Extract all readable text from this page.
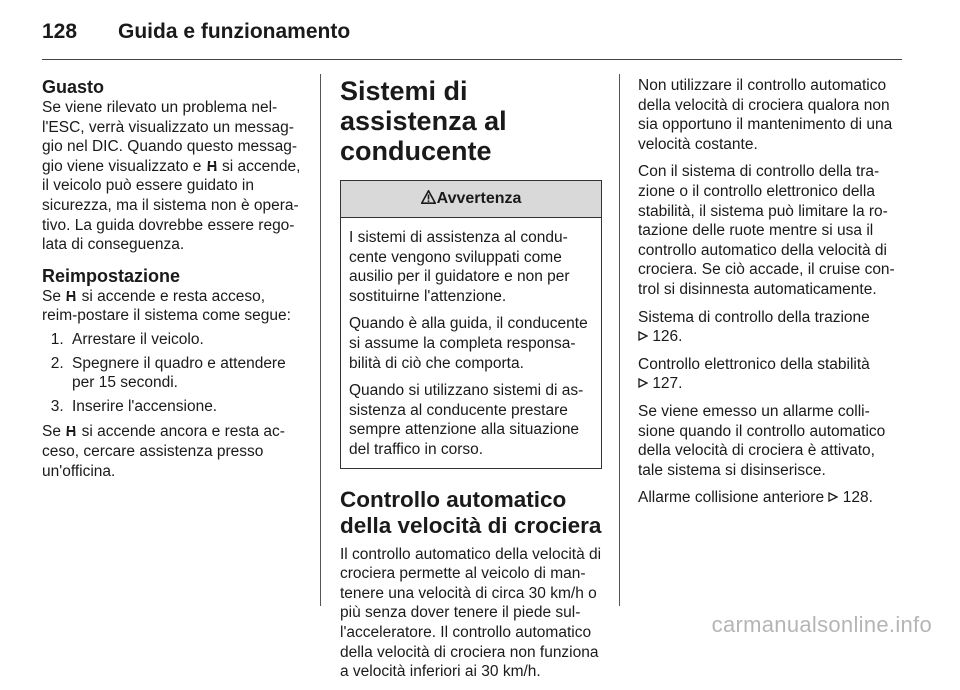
128 Guida e funzionamento
Guasto

Se viene rilevato un problema nel-l'ESC, verrà visualizzato un messag-gio nel DIC. Quando questo messag-gio viene visualizzato e  si accende, il veicolo può essere guidato in sicurezza, ma il sistema non è opera-tivo. La guida dovrebbe essere rego-lata di conseguenza.

Reimpostazione

Se  si accende e resta acceso, reim-postare il sistema come segue:

1. Arrestare il veicolo.
2. Spegnere il quadro e attendere per 15 secondi.
3. Inserire l'accensione.

Se  si accende ancora e resta ac-ceso, cercare assistenza presso un'officina.

Sistemi di assistenza al conducente
Avvertenza

I sistemi di assistenza al condu-cente vengono sviluppati come ausilio per il guidatore e non per sostituirne l'attenzione.

Quando è alla guida, il conducente si assume la completa responsa-bilità di ciò che comporta.

Quando si utilizzano sistemi di as-sistenza al conducente prestare sempre attenzione alla situazione del traffico in corso.

Controllo automatico della velocità di crociera

Il controllo automatico della velocità di crociera permette al veicolo di man-tenere una velocità di circa 30 km/h o più senza dover tenere il piede sul-l'acceleratore. Il controllo automatico della velocità di crociera non funziona a velocità inferiori ai 30 km/h.

Non utilizzare il controllo automatico della velocità di crociera qualora non sia opportuno il mantenimento di una velocità costante.

Con il sistema di controllo della tra-zione o il controllo elettronico della stabilità, il sistema può limitare la ro-tazione delle ruote mentre si usa il controllo automatico della velocità di crociera. Se ciò accade, il cruise con-trol si disinnesta automaticamente.

Sistema di controllo della trazione
126.

Controllo elettronico della stabilità
127.

Se viene emesso un allarme colli-sione quando il controllo automatico della velocità di crociera è attivato, tale sistema si disinserisce.

Allarme collisione anteriore  128.

carmanualsonline.info
